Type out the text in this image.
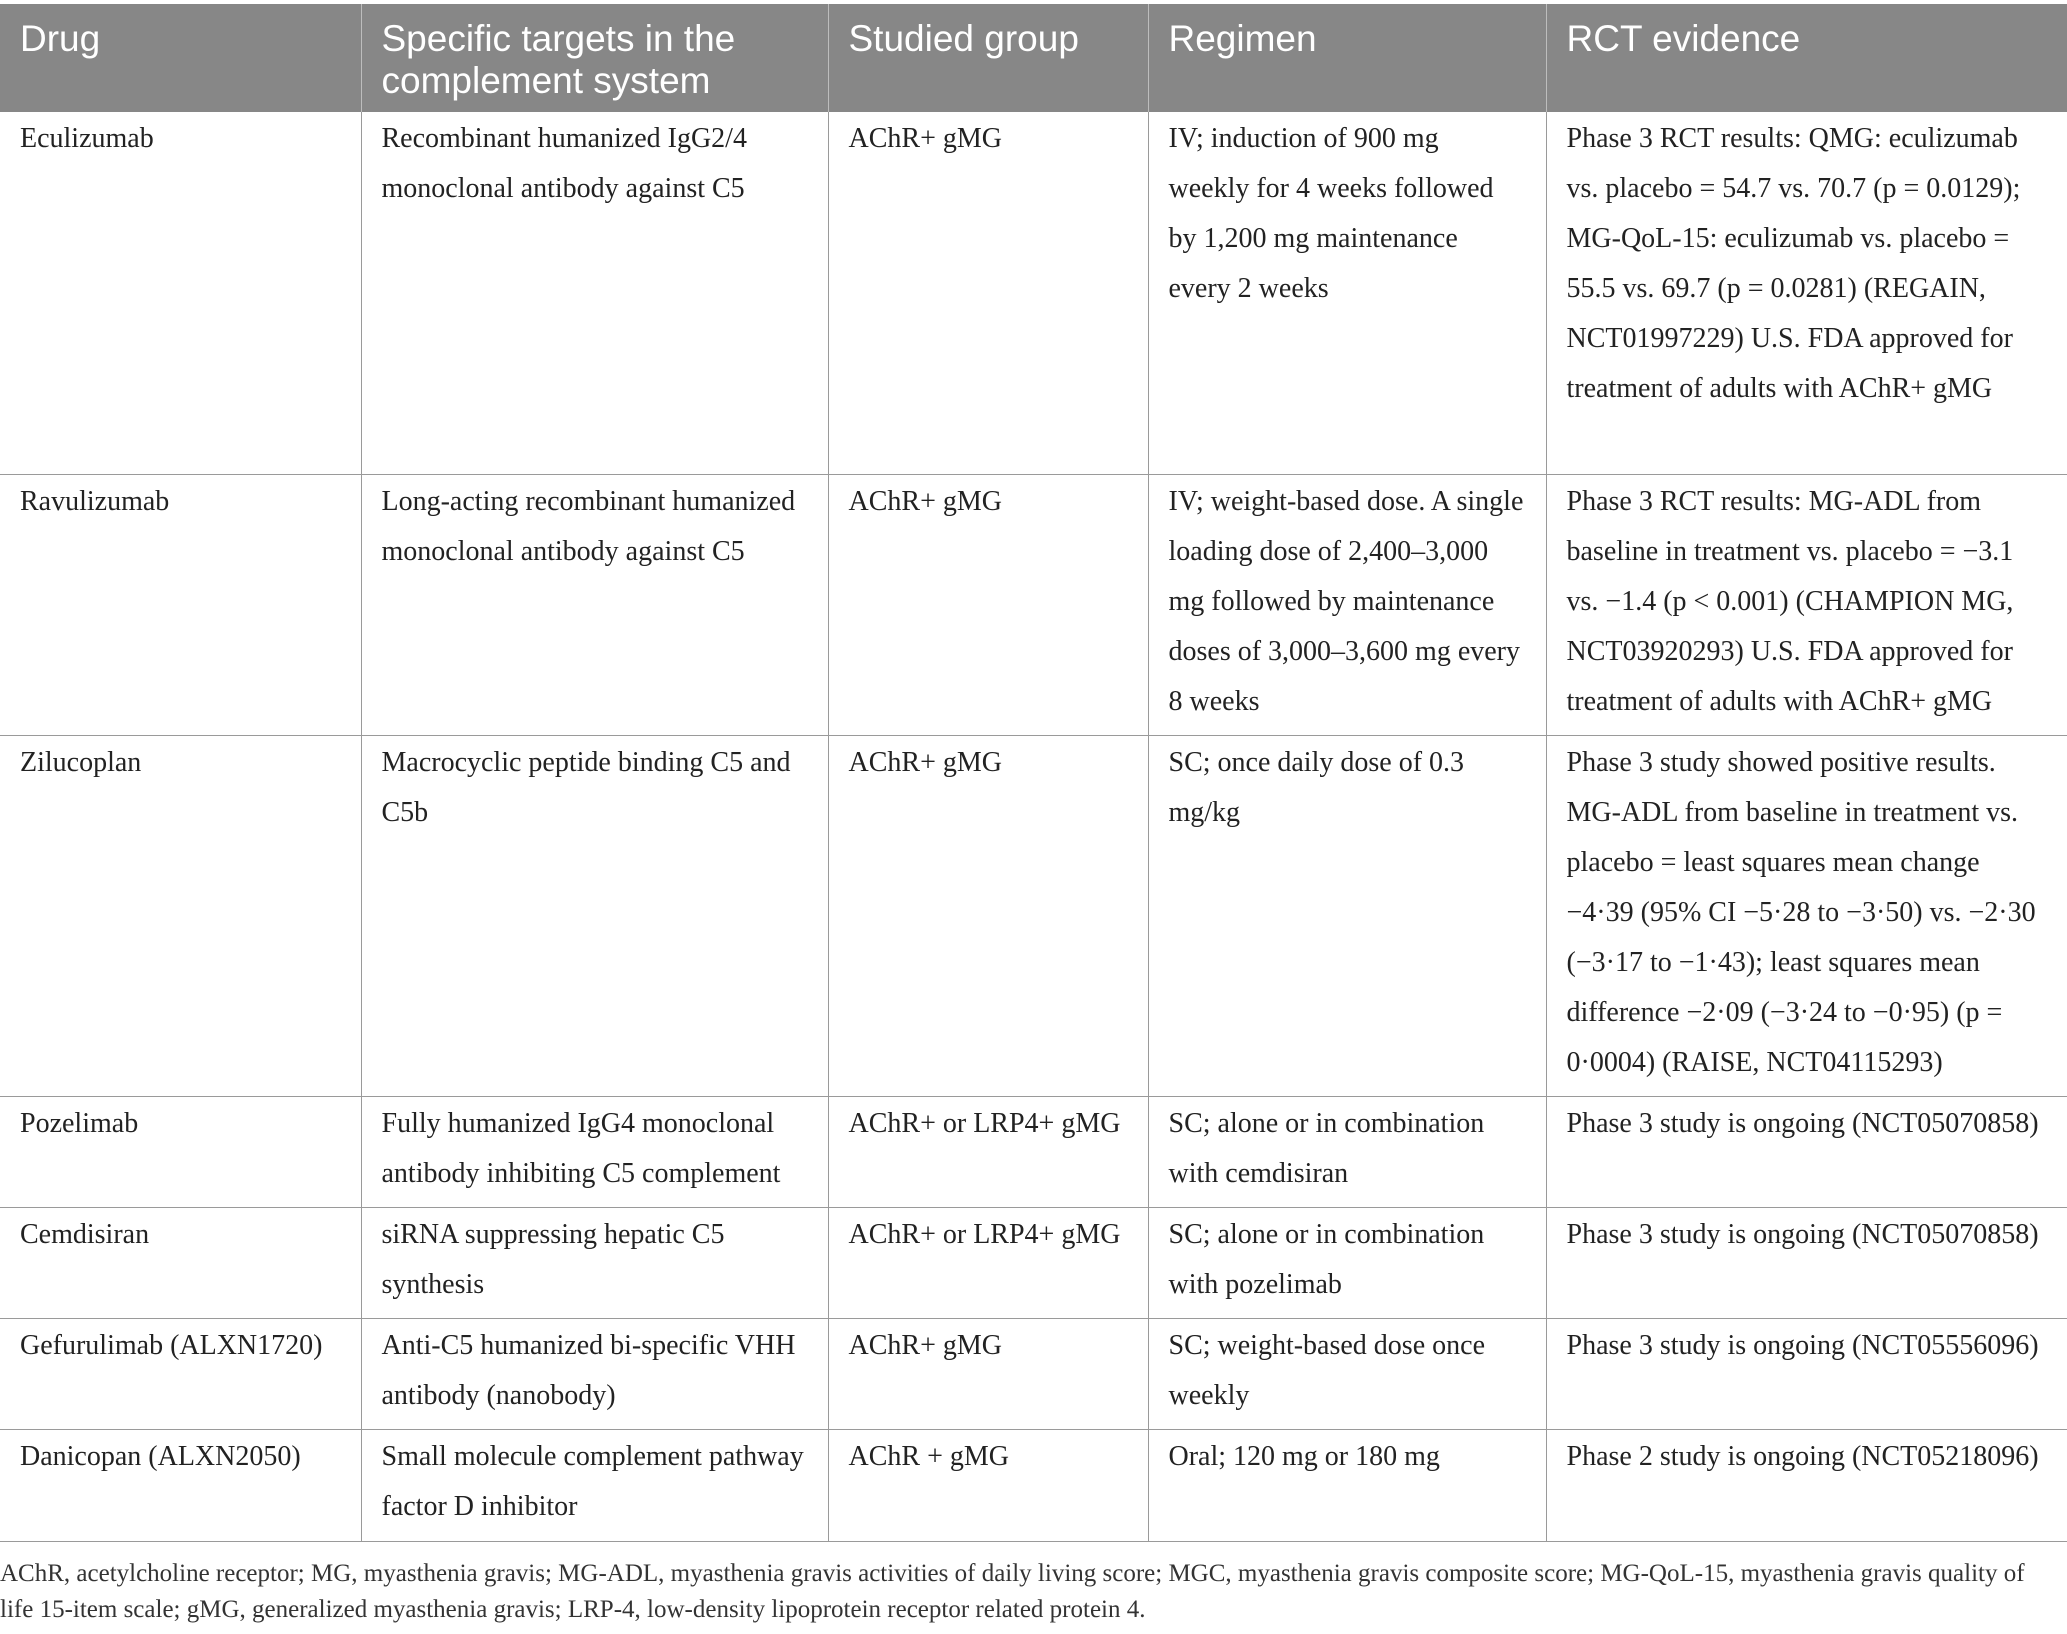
Drug	Specific targets in the complement system	Studied group	Regimen	RCT evidence
Eculizumab	Recombinant humanized IgG2/4 monoclonal antibody against C5	AChR+ gMG	IV; induction of 900 mg weekly for 4 weeks followed by 1,200 mg maintenance every 2 weeks	Phase 3 RCT results: QMG: eculizumab vs. placebo = 54.7 vs. 70.7 (p = 0.0129); MG-QoL-15: eculizumab vs. placebo = 55.5 vs. 69.7 (p = 0.0281) (REGAIN, NCT01997229) U.S. FDA approved for treatment of adults with AChR+ gMG
Ravulizumab	Long-acting recombinant humanized monoclonal antibody against C5	AChR+ gMG	IV; weight-based dose. A single loading dose of 2,400–3,000 mg followed by maintenance doses of 3,000–3,600 mg every 8 weeks	Phase 3 RCT results: MG-ADL from baseline in treatment vs. placebo = −3.1 vs. −1.4 (p < 0.001) (CHAMPION MG, NCT03920293) U.S. FDA approved for treatment of adults with AChR+ gMG
Zilucoplan	Macrocyclic peptide binding C5 and C5b	AChR+ gMG	SC; once daily dose of 0.3 mg/kg	Phase 3 study showed positive results. MG-ADL from baseline in treatment vs. placebo = least squares mean change −4·39 (95% CI −5·28 to −3·50) vs. −2·30 (−3·17 to −1·43); least squares mean difference −2·09 (−3·24 to −0·95) (p = 0·0004) (RAISE, NCT04115293)
Pozelimab	Fully humanized IgG4 monoclonal antibody inhibiting C5 complement	AChR+ or LRP4+ gMG	SC; alone or in combination with cemdisiran	Phase 3 study is ongoing (NCT05070858)
Cemdisiran	siRNA suppressing hepatic C5 synthesis	AChR+ or LRP4+ gMG	SC; alone or in combination with pozelimab	Phase 3 study is ongoing (NCT05070858)
Gefurulimab (ALXN1720)	Anti-C5 humanized bi-specific VHH antibody (nanobody)	AChR+ gMG	SC; weight-based dose once weekly	Phase 3 study is ongoing (NCT05556096)
Danicopan (ALXN2050)	Small molecule complement pathway factor D inhibitor	AChR + gMG	Oral; 120 mg or 180 mg	Phase 2 study is ongoing (NCT05218096)
AChR, acetylcholine receptor; MG, myasthenia gravis; MG-ADL, myasthenia gravis activities of daily living score; MGC, myasthenia gravis composite score; MG-QoL-15, myasthenia gravis quality of life 15-item scale; gMG, generalized myasthenia gravis; LRP-4, low-density lipoprotein receptor related protein 4.
